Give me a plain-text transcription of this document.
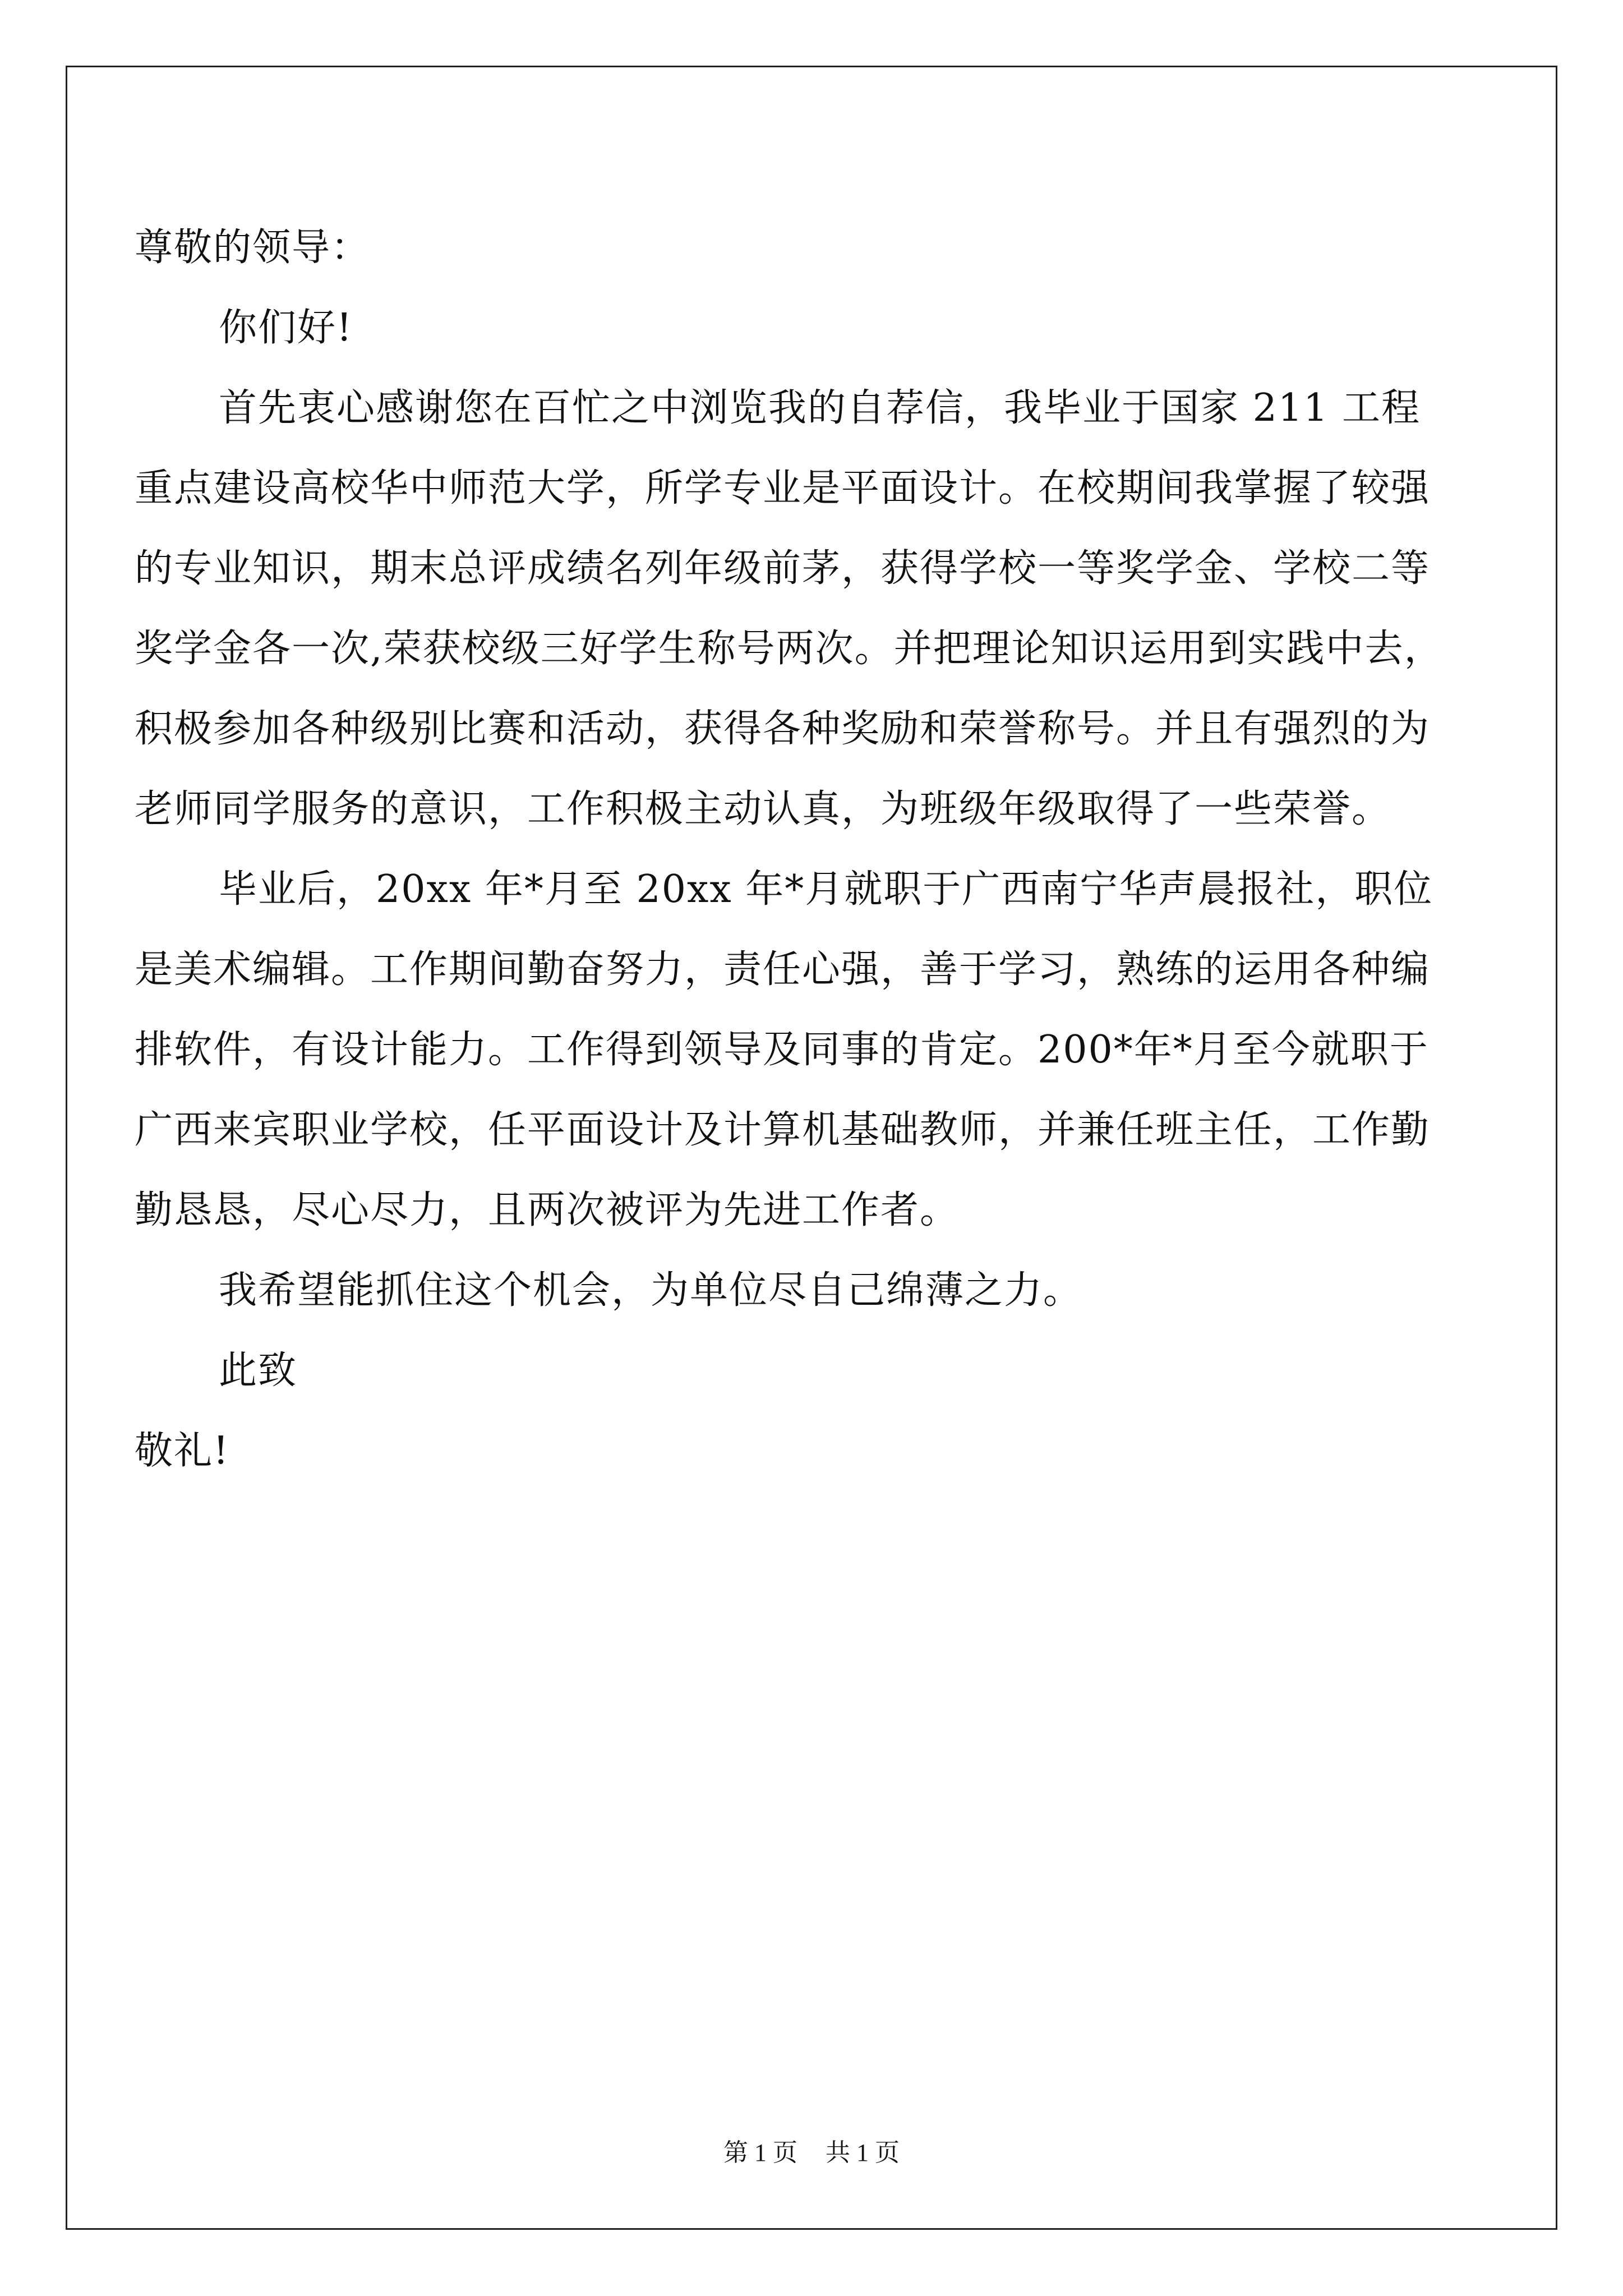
尊敬的领导：

你们好!

首先衷心感谢您在百忙之中浏览我的自荐信，我毕业于国家 211 工程重点建设高校华中师范大学，所学专业是平面设计。在校期间我掌握了较强的专业知识，期末总评成绩名列年级前茅，获得学校一等奖学金、学校二等奖学金各一次,荣获校级三好学生称号两次。并把理论知识运用到实践中去，积极参加各种级别比赛和活动，获得各种奖励和荣誉称号。并且有强烈的为老师同学服务的意识，工作积极主动认真，为班级年级取得了一些荣誉。

毕业后，20xx 年*月至 20xx 年*月就职于广西南宁华声晨报社，职位是美术编辑。工作期间勤奋努力，责任心强，善于学习，熟练的运用各种编排软件，有设计能力。工作得到领导及同事的肯定。200*年*月至今就职于广西来宾职业学校，任平面设计及计算机基础教师，并兼任班主任，工作勤勤恳恳，尽心尽力，且两次被评为先进工作者。

我希望能抓住这个机会，为单位尽自己绵薄之力。

此致

敬礼!

第 1 页 共 1 页
